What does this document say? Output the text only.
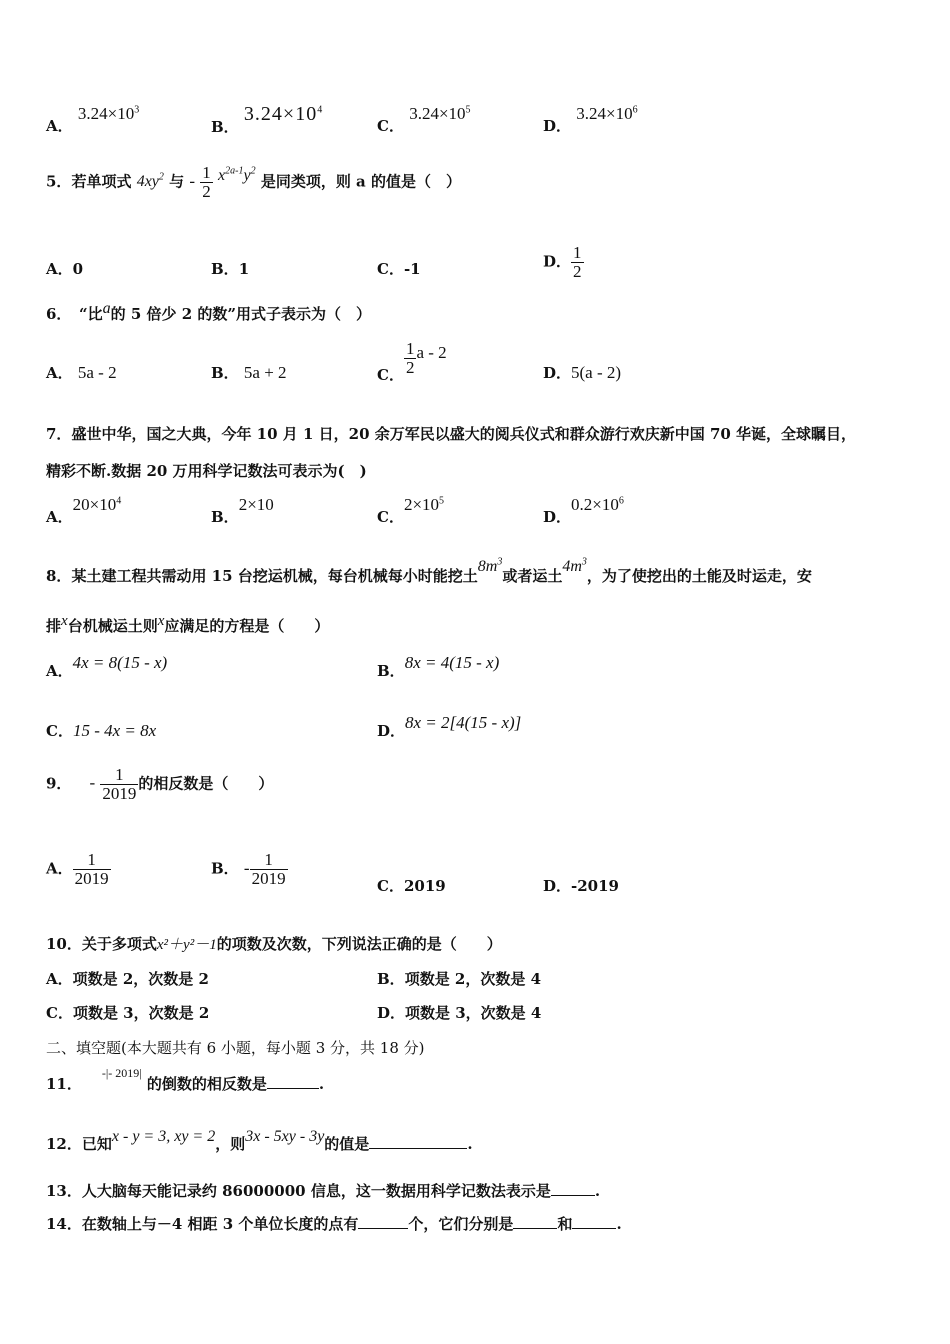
A． $3.24\times 10^3$
B． $3.24\times 10^4$
C． $3.24\times 10^5$
D． $3.24\times 10^6$
5．若单项式 $4xy^2$ 与 - $\frac{1}{2} x^{2a-1}y^2$ 是同类项，则 a 的值是（　）
A．0	B．1	C．-1	D． $\frac{1}{2}$
6．　 “比a的 5 倍少 2 的数”用式子表示为（　）
A． 5a - 2	B． 5a + 2	C． $\frac{1}{2}$ a - 2
D．5(a - 2)
7．盛世中华，国之大典，今年 10 月 1 日，20 余万军民以盛大的阅兵仪式和群众游行欢庆新中国 70 华诞，全球瞩目，
精彩不断.数据 20 万用科学记数法可表示为(　)
A．$20\times 10^4$
B．2×10
C．$2\times 10^5$
D．$0.2\times 10^6$
8．某土建工程共需动用 15 台挖运机械，每台机械每小时能挖土$8m^3$或者运土$4m^3$，为了使挖出的土能及时运走，安
排x台机械运土则x应满足的方程是（　　）
A．4x = 8(15 - x)	B．8x = 4(15 - x)
C．15 - 4x = 8x	D．8x = 2[4(15 - x)]
9． - $\frac{1}{2019}$ 的相反数是（　　）
A． $\frac{1}{2019}$	B． - $\frac{1}{2019}$	C．2019	D．-2019
10．关于多项式x²＋y²－1的项数及次数，下列说法正确的是（　　）
A．项数是 2，次数是 2	B．项数是 2，次数是 4
C．项数是 3，次数是 2	D．项数是 3，次数是 4
二、填空题(本大题共有 6 小题，每小题 3 分，共 18 分)
11．$^{-|- 2019|}$ 的倒数的相反数是	.
12．已知x - y = 3, xy = 2，则3x - 5xy - 3y的值是	.
13．人大脑每天能记录约 86000000 信息，这一数据用科学记数法表示是	.
14．在数轴上与－4 相距 3 个单位长度的点有	个，它们分别是	和	.
